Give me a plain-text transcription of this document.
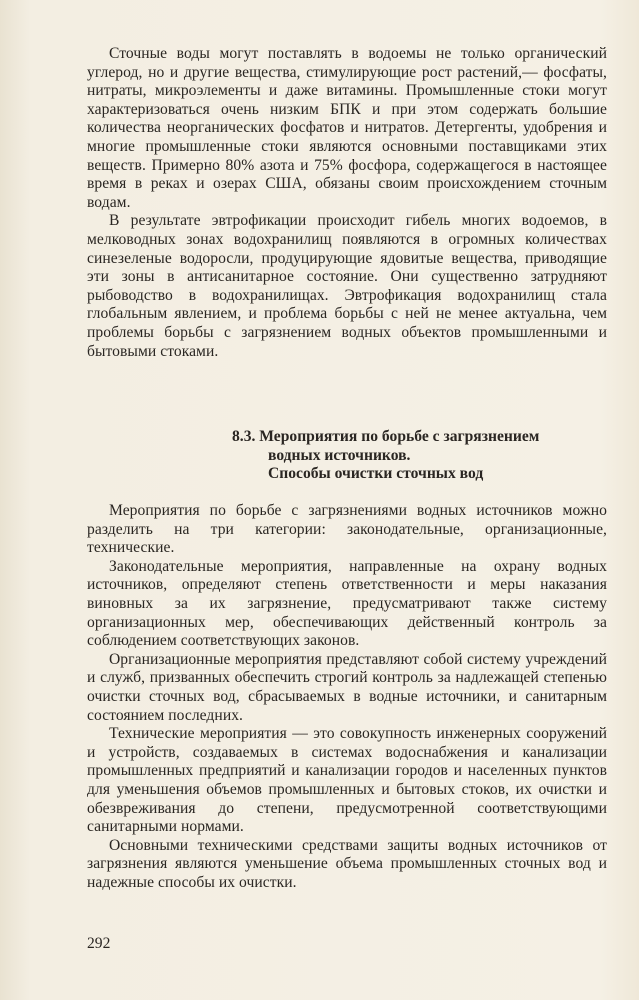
Сточные воды могут поставлять в водоемы не только органический углерод, но и другие вещества, стимулирующие рост растений,— фосфаты, нитраты, микроэлементы и даже витамины. Промышленные стоки могут характеризоваться очень низким БПК и при этом содержать большие количества неорганических фосфатов и нитратов. Детергенты, удобрения и многие промышленные стоки являются основными поставщиками этих веществ. Примерно 80% азота и 75% фосфора, содержащегося в настоящее время в реках и озерах США, обязаны своим происхождением сточным водам.

В результате эвтрофикации происходит гибель многих водоемов, в мелководных зонах водохранилищ появляются в огромных количествах синезеленые водоросли, продуцирующие ядовитые вещества, приводящие эти зоны в антисанитарное состояние. Они существенно затрудняют рыбоводство в водохранилищах. Эвтрофикация водохранилищ стала глобальным явлением, и проблема борьбы с ней не менее актуальна, чем проблемы борьбы с загрязнением водных объектов промышленными и бытовыми стоками.

8.3. Мероприятия по борьбе с загрязнением
водных источников.
Способы очистки сточных вод

Мероприятия по борьбе с загрязнениями водных источников можно разделить на три категории: законодательные, организационные, технические.

Законодательные мероприятия, направленные на охрану водных источников, определяют степень ответственности и меры наказания виновных за их загрязнение, предусматривают также систему организационных мер, обеспечивающих действенный контроль за соблюдением соответствующих законов.

Организационные мероприятия представляют собой систему учреждений и служб, призванных обеспечить строгий контроль за надлежащей степенью очистки сточных вод, сбрасываемых в водные источники, и санитарным состоянием последних.

Технические мероприятия — это совокупность инженерных сооружений и устройств, создаваемых в системах водоснабжения и канализации промышленных предприятий и канализации городов и населенных пунктов для уменьшения объемов промышленных и бытовых стоков, их очистки и обезвреживания до степени, предусмотренной соответствующими санитарными нормами.

Основными техническими средствами защиты водных источников от загрязнения являются уменьшение объема промышленных сточных вод и надежные способы их очистки.

292
